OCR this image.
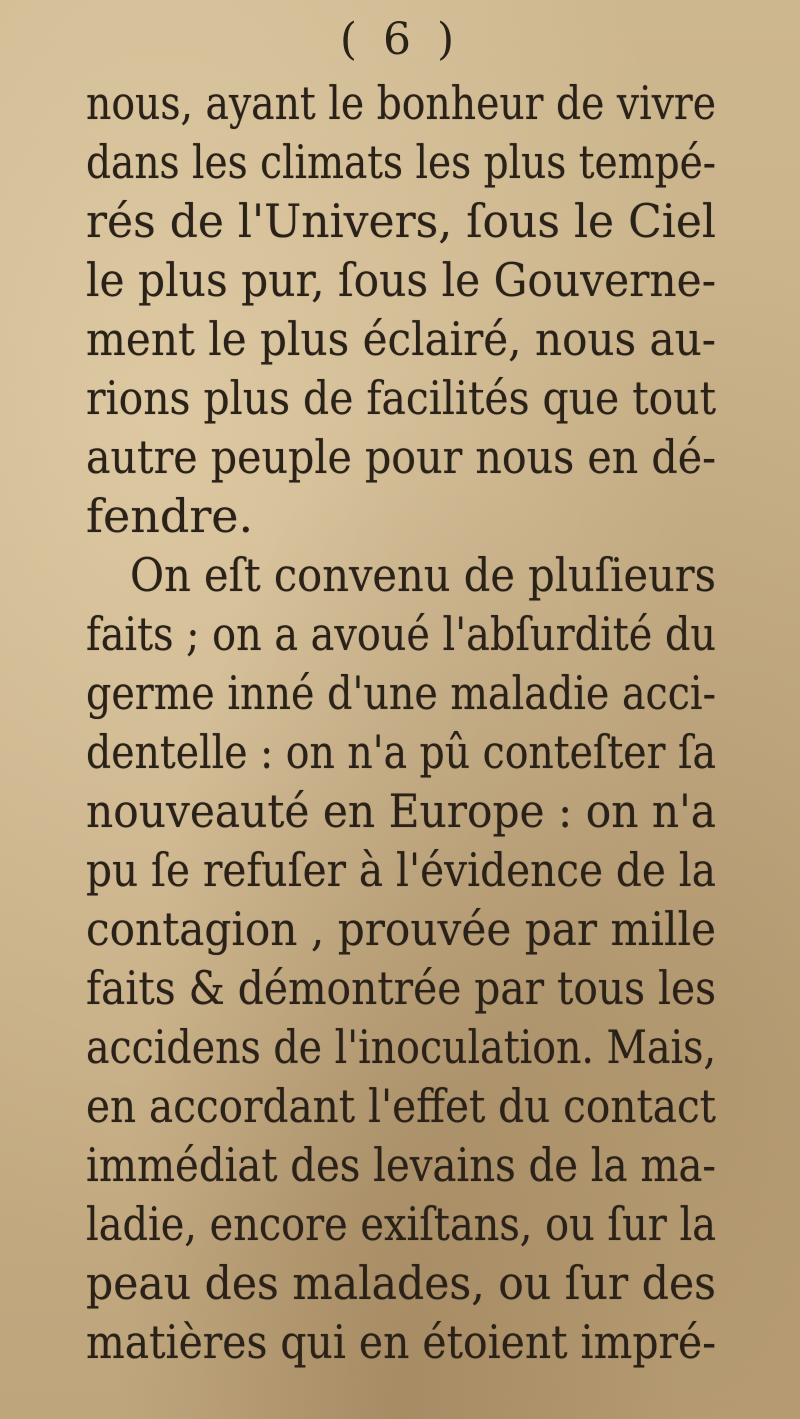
( 6 )
nous, ayant le bonheur de vivre
dans les climats les plus tempé-
rés de l'Univers, ſous le Ciel
le plus pur, ſous le Gouverne-
ment le plus éclairé, nous au-
rions plus de facilités que tout
autre peuple pour nous en dé-
fendre.
On eſt convenu de pluſieurs
faits ; on a avoué l'abſurdité du
germe inné d'une maladie acci-
dentelle : on n'a pû conteſter ſa
nouveauté en Europe : on n'a
pu ſe refuſer à l'évidence de la
contagion , prouvée par mille
faits & démontrée par tous les
accidens de l'inoculation. Mais,
en accordant l'effet du contact
immédiat des levains de la ma-
ladie, encore exiſtans, ou ſur la
peau des malades, ou ſur des
matières qui en étoient impré-
